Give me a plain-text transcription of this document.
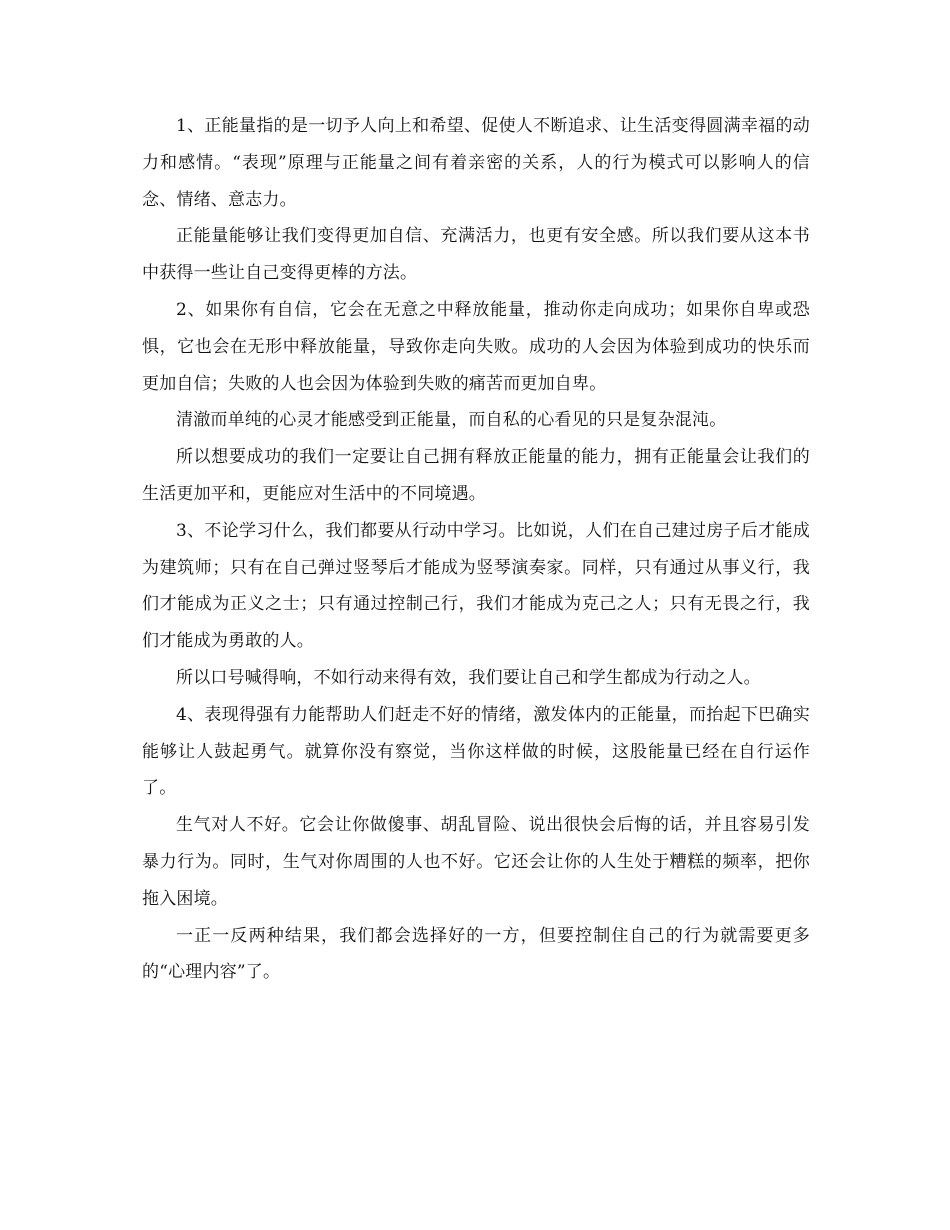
1、正能量指的是一切予人向上和希望、促使人不断追求、让生活变得圆满幸福的动力和感情。“表现”原理与正能量之间有着亲密的关系，人的行为模式可以影响人的信念、情绪、意志力。

正能量能够让我们变得更加自信、充满活力，也更有安全感。所以我们要从这本书中获得一些让自己变得更棒的方法。

2、如果你有自信，它会在无意之中释放能量，推动你走向成功；如果你自卑或恐惧，它也会在无形中释放能量，导致你走向失败。成功的人会因为体验到成功的快乐而更加自信；失败的人也会因为体验到失败的痛苦而更加自卑。

清澈而单纯的心灵才能感受到正能量，而自私的心看见的只是复杂混沌。

所以想要成功的我们一定要让自己拥有释放正能量的能力，拥有正能量会让我们的生活更加平和，更能应对生活中的不同境遇。

3、不论学习什么，我们都要从行动中学习。比如说，人们在自己建过房子后才能成为建筑师；只有在自己弹过竖琴后才能成为竖琴演奏家。同样，只有通过从事义行，我们才能成为正义之士；只有通过控制己行，我们才能成为克己之人；只有无畏之行，我们才能成为勇敢的人。

所以口号喊得响，不如行动来得有效，我们要让自己和学生都成为行动之人。

4、表现得强有力能帮助人们赶走不好的情绪，激发体内的正能量，而抬起下巴确实能够让人鼓起勇气。就算你没有察觉，当你这样做的时候，这股能量已经在自行运作了。

生气对人不好。它会让你做傻事、胡乱冒险、说出很快会后悔的话，并且容易引发暴力行为。同时，生气对你周围的人也不好。它还会让你的人生处于糟糕的频率，把你拖入困境。

一正一反两种结果，我们都会选择好的一方，但要控制住自己的行为就需要更多的“心理内容”了。
